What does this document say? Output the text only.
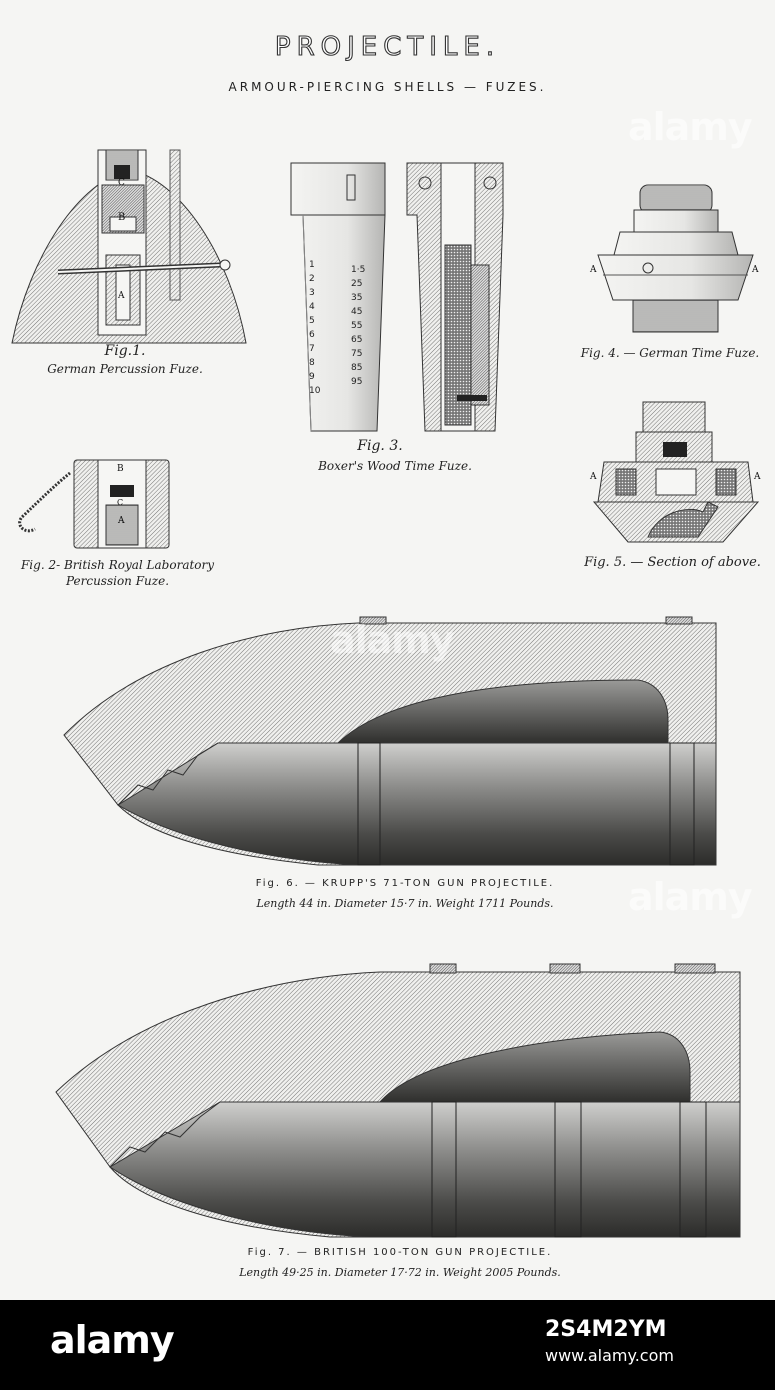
PROJECTILE.
ARMOUR-PIERCING SHELLS — FUZES.
C
B
A
Fig.1.
German Percussion Fuze.
B
C
A
Fig. 2- British Royal Laboratory
Percussion Fuze.
1
2
3
4
5
6
7
8
9
10
1·5
25
35
45
55
65
75
85
95
Fig. 3.
Boxer's Wood Time Fuze.
A	A
Fig. 4. — German Time Fuze.
A	A
Fig. 5. — Section of above.
Fig. 6. — KRUPP'S 71-TON GUN PROJECTILE.
Length 44 in. Diameter 15·7 in. Weight 1711 Pounds.
Fig. 7. — BRITISH 100-TON GUN PROJECTILE.
Length 49·25 in. Diameter 17·72 in. Weight 2005 Pounds.
alamy
alamy
alamy
alamy	2S4M2YM
www.alamy.com
